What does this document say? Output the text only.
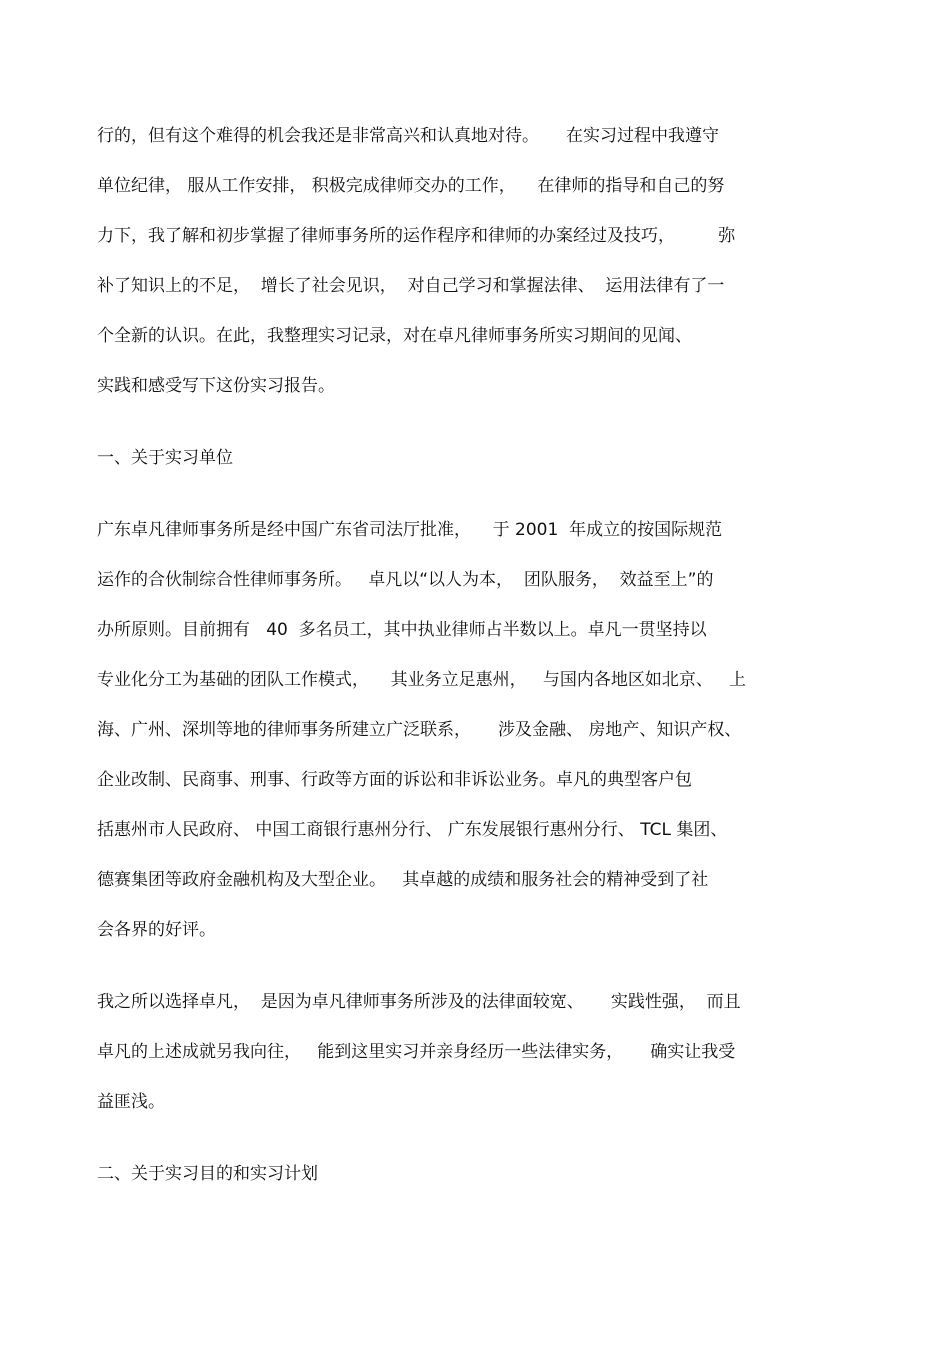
行的，但有这个难得的机会我还是非常高兴和认真地对待。     在实习过程中我遵守
单位纪律， 服从工作安排， 积极完成律师交办的工作，    在律师的指导和自己的努
力下，我了解和初步掌握了律师事务所的运作程序和律师的办案经过及技巧，        弥
补了知识上的不足，  增长了社会见识，  对自己学习和掌握法律、  运用法律有了一
个全新的认识。在此，我整理实习记录，对在卓凡律师事务所实习期间的见闻、
实践和感受写下这份实习报告。
一、关于实习单位
广东卓凡律师事务所是经中国广东省司法厅批准，    于 2001  年成立的按国际规范
运作的合伙制综合性律师事务所。   卓凡以“以人为本，  团队服务，  效益至上”的
办所原则。目前拥有   40  多名员工，其中执业律师占半数以上。卓凡一贯坚持以
专业化分工为基础的团队工作模式，    其业务立足惠州，   与国内各地区如北京、   上
海、广州、深圳等地的律师事务所建立广泛联系，     涉及金融、 房地产、知识产权、
企业改制、民商事、刑事、行政等方面的诉讼和非诉讼业务。卓凡的典型客户包
括惠州市人民政府、 中国工商银行惠州分行、 广东发展银行惠州分行、 TCL 集团、
德赛集团等政府金融机构及大型企业。   其卓越的成绩和服务社会的精神受到了社
会各界的好评。
我之所以选择卓凡，  是因为卓凡律师事务所涉及的法律面较宽、     实践性强，  而且
卓凡的上述成就另我向往，   能到这里实习并亲身经历一些法律实务，     确实让我受
益匪浅。
二、关于实习目的和实习计划
